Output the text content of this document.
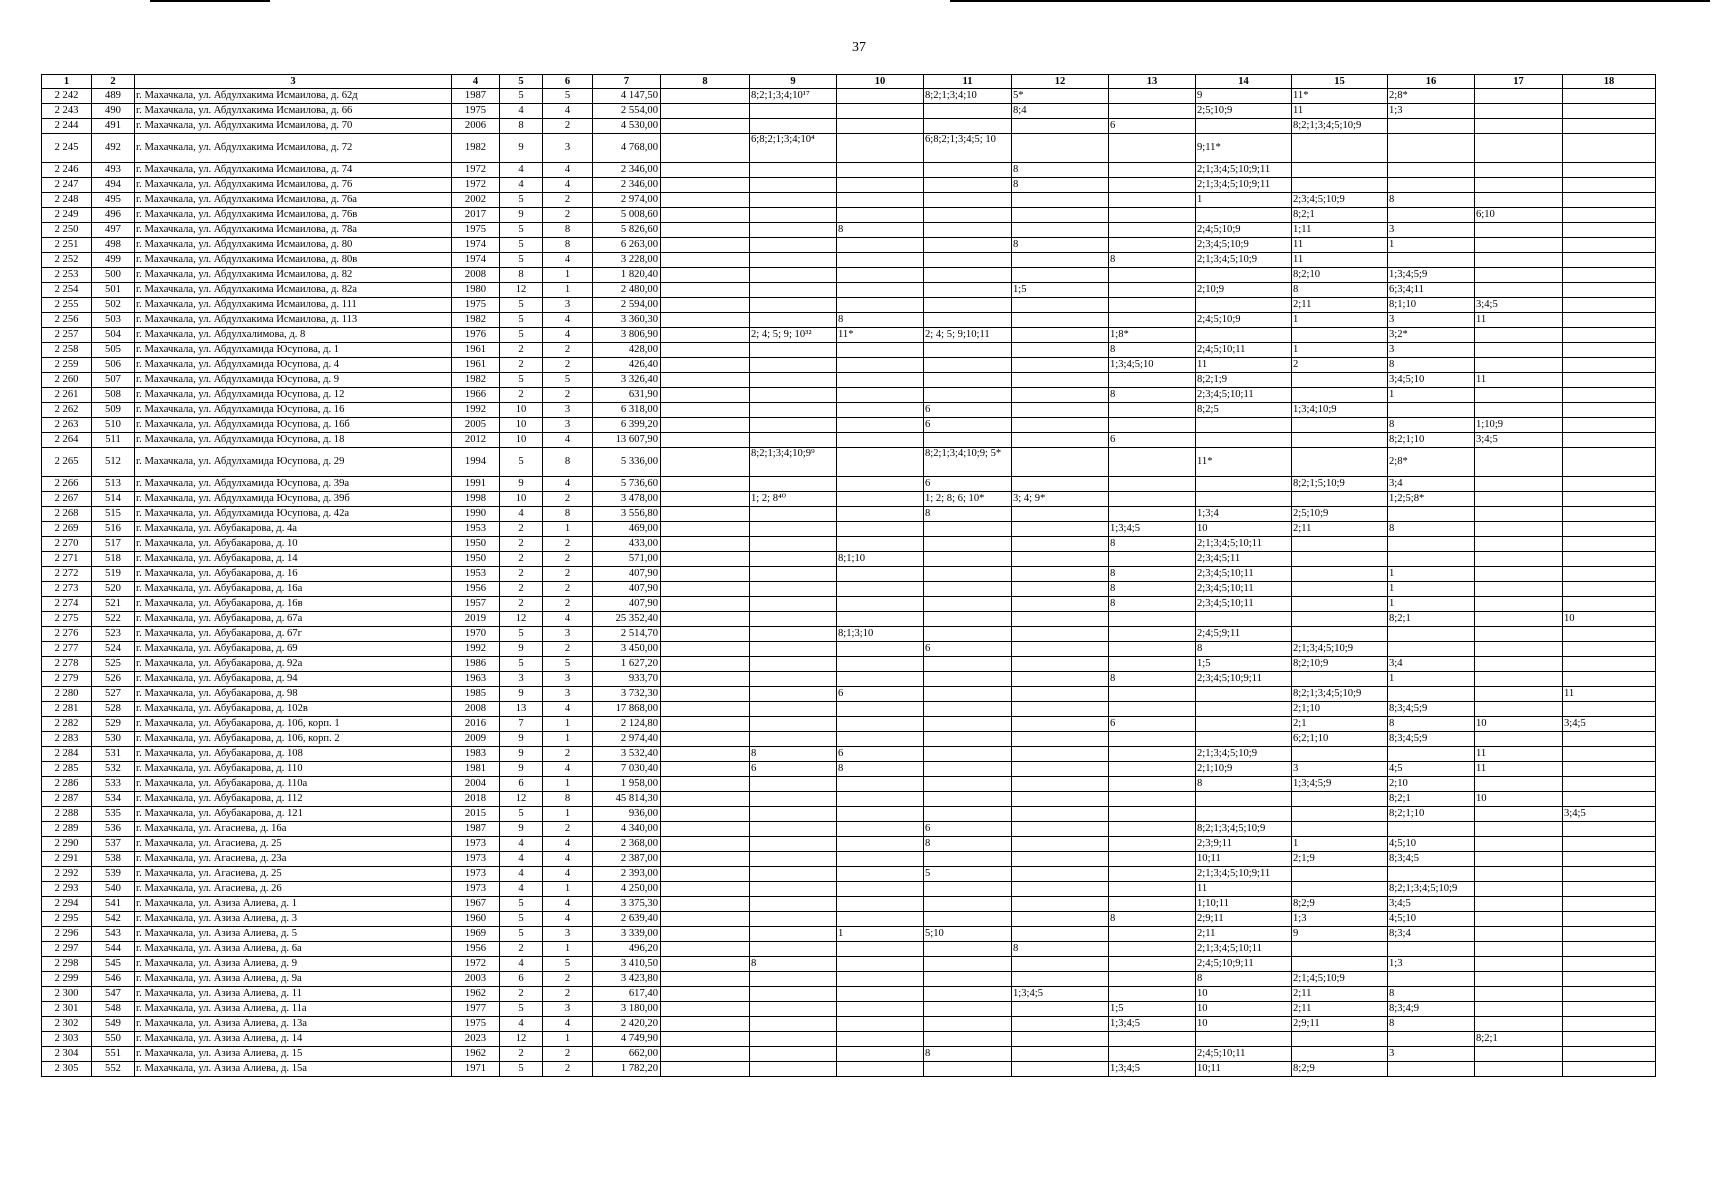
37
1	2	3	4	5	6	7	8	9	10	11	12	13	14	15	16	17	18
2 242	489	г. Махачкала, ул. Абдулхакима Исмаилова, д. 62д	1987	5	5	4 147,50		8;2;1;3;4;10¹⁷		8;2;1;3;4;10	5*		9	11*	2;8*		
2 243	490	г. Махачкала, ул. Абдулхакима Исмаилова, д. 66	1975	4	4	2 554,00					8;4		2;5;10;9	11	1;3		
2 244	491	г. Махачкала, ул. Абдулхакима Исмаилова, д. 70	2006	8	2	4 530,00						6		8;2;1;3;4;5;10;9			
2 245	492	г. Махачкала, ул. Абдулхакима Исмаилова, д. 72	1982	9	3	4 768,00		6;8;2;1;3;4;10⁴		6;8;2;1;3;4;5; 10			9;11*				
2 246	493	г. Махачкала, ул. Абдулхакима Исмаилова, д. 74	1972	4	4	2 346,00					8		2;1;3;4;5;10;9;11				
2 247	494	г. Махачкала, ул. Абдулхакима Исмаилова, д. 76	1972	4	4	2 346,00					8		2;1;3;4;5;10;9;11				
2 248	495	г. Махачкала, ул. Абдулхакима Исмаилова, д. 76а	2002	5	2	2 974,00							1	2;3;4;5;10;9	8		
2 249	496	г. Махачкала, ул. Абдулхакима Исмаилова, д. 76в	2017	9	2	5 008,60								8;2;1		6;10	
2 250	497	г. Махачкала, ул. Абдулхакима Исмаилова, д. 78а	1975	5	8	5 826,60			8				2;4;5;10;9	1;11	3		
2 251	498	г. Махачкала, ул. Абдулхакима Исмаилова, д. 80	1974	5	8	6 263,00					8		2;3;4;5;10;9	11	1		
2 252	499	г. Махачкала, ул. Абдулхакима Исмаилова, д. 80в	1974	5	4	3 228,00						8	2;1;3;4;5;10;9	11			
2 253	500	г. Махачкала, ул. Абдулхакима Исмаилова, д. 82	2008	8	1	1 820,40								8;2;10	1;3;4;5;9		
2 254	501	г. Махачкала, ул. Абдулхакима Исмаилова, д. 82а	1980	12	1	2 480,00					1;5		2;10;9	8	6;3;4;11		
2 255	502	г. Махачкала, ул. Абдулхакима Исмаилова, д. 111	1975	5	3	2 594,00								2;11	8;1;10	3;4;5	
2 256	503	г. Махачкала, ул. Абдулхакима Исмаилова, д. 113	1982	5	4	3 360,30			8				2;4;5;10;9	1	3	11	
2 257	504	г. Махачкала, ул. Абдулхалимова, д. 8	1976	5	4	3 806,90		2; 4; 5; 9; 10³²	11*	2; 4; 5; 9;10;11		1;8*			3;2*		
2 258	505	г. Махачкала, ул. Абдулхамида Юсупова, д. 1	1961	2	2	428,00						8	2;4;5;10;11	1	3		
2 259	506	г. Махачкала, ул. Абдулхамида Юсупова, д. 4	1961	2	2	426,40						1;3;4;5;10	11	2	8		
2 260	507	г. Махачкала, ул. Абдулхамида Юсупова, д. 9	1982	5	5	3 326,40							8;2;1;9		3;4;5;10	11	
2 261	508	г. Махачкала, ул. Абдулхамида Юсупова, д. 12	1966	2	2	631,90						8	2;3;4;5;10;11		1		
2 262	509	г. Махачкала, ул. Абдулхамида Юсупова, д. 16	1992	10	3	6 318,00				6			8;2;5	1;3;4;10;9			
2 263	510	г. Махачкала, ул. Абдулхамида Юсупова, д. 16б	2005	10	3	6 399,20				6					8	1;10;9	
2 264	511	г. Махачкала, ул. Абдулхамида Юсупова, д. 18	2012	10	4	13 607,90						6			8;2;1;10	3;4;5	
2 265	512	г. Махачкала, ул. Абдулхамида Юсупова, д. 29	1994	5	8	5 336,00		8;2;1;3;4;10;9⁹		8;2;1;3;4;10;9; 5*			11*		2;8*		
2 266	513	г. Махачкала, ул. Абдулхамида Юсупова, д. 39а	1991	9	4	5 736,60				6				8;2;1;5;10;9	3;4		
2 267	514	г. Махачкала, ул. Абдулхамида Юсупова, д. 39б	1998	10	2	3 478,00		1; 2; 8⁴⁰		1; 2; 8; 6; 10*	3; 4; 9*				1;2;5;8*		
2 268	515	г. Махачкала, ул. Абдулхамида Юсупова, д. 42а	1990	4	8	3 556,80				8			1;3;4	2;5;10;9			
2 269	516	г. Махачкала, ул. Абубакарова, д. 4а	1953	2	1	469,00						1;3;4;5	10	2;11	8		
2 270	517	г. Махачкала, ул. Абубакарова, д. 10	1950	2	2	433,00						8	2;1;3;4;5;10;11				
2 271	518	г. Махачкала, ул. Абубакарова, д. 14	1950	2	2	571,00			8;1;10				2;3;4;5;11				
2 272	519	г. Махачкала, ул. Абубакарова, д. 16	1953	2	2	407,90						8	2;3;4;5;10;11		1		
2 273	520	г. Махачкала, ул. Абубакарова, д. 16а	1956	2	2	407,90						8	2;3;4;5;10;11		1		
2 274	521	г. Махачкала, ул. Абубакарова, д. 16в	1957	2	2	407,90						8	2;3;4;5;10;11		1		
2 275	522	г. Махачкала, ул. Абубакарова, д. 67а	2019	12	4	25 352,40									8;2;1		10
2 276	523	г. Махачкала, ул. Абубакарова, д. 67г	1970	5	3	2 514,70			8;1;3;10				2;4;5;9;11				
2 277	524	г. Махачкала, ул. Абубакарова, д. 69	1992	9	2	3 450,00				6			8	2;1;3;4;5;10;9			
2 278	525	г. Махачкала, ул. Абубакарова, д. 92а	1986	5	5	1 627,20							1;5	8;2;10;9	3;4		
2 279	526	г. Махачкала, ул. Абубакарова, д. 94	1963	3	3	933,70						8	2;3;4;5;10;9;11		1		
2 280	527	г. Махачкала, ул. Абубакарова, д. 98	1985	9	3	3 732,30			6					8;2;1;3;4;5;10;9			11
2 281	528	г. Махачкала, ул. Абубакарова, д. 102в	2008	13	4	17 868,00								2;1;10	8;3;4;5;9		
2 282	529	г. Махачкала, ул. Абубакарова, д. 106, корп. 1	2016	7	1	2 124,80						6		2;1	8	10	3;4;5
2 283	530	г. Махачкала, ул. Абубакарова, д. 106, корп. 2	2009	9	1	2 974,40								6;2;1;10	8;3;4;5;9		
2 284	531	г. Махачкала, ул. Абубакарова, д. 108	1983	9	2	3 532,40		8	6				2;1;3;4;5;10;9			11	
2 285	532	г. Махачкала, ул. Абубакарова, д. 110	1981	9	4	7 030,40		6	8				2;1;10;9	3	4;5	11	
2 286	533	г. Махачкала, ул. Абубакарова, д. 110а	2004	6	1	1 958,00							8	1;3;4;5;9	2;10		
2 287	534	г. Махачкала, ул. Абубакарова, д. 112	2018	12	8	45 814,30									8;2;1	10	
2 288	535	г. Махачкала, ул. Абубакарова, д. 121	2015	5	1	936,00									8;2;1;10		3;4;5
2 289	536	г. Махачкала, ул. Агасиева, д. 16а	1987	9	2	4 340,00				6			8;2;1;3;4;5;10;9				
2 290	537	г. Махачкала, ул. Агасиева, д. 25	1973	4	4	2 368,00				8			2;3;9;11	1	4;5;10		
2 291	538	г. Махачкала, ул. Агасиева, д. 23а	1973	4	4	2 387,00							10;11	2;1;9	8;3;4;5		
2 292	539	г. Махачкала, ул. Агасиева, д. 25	1973	4	4	2 393,00				5			2;1;3;4;5;10;9;11				
2 293	540	г. Махачкала, ул. Агасиева, д. 26	1973	4	1	4 250,00							11		8;2;1;3;4;5;10;9		
2 294	541	г. Махачкала, ул. Азиза Алиева, д. 1	1967	5	4	3 375,30							1;10;11	8;2;9	3;4;5		
2 295	542	г. Махачкала, ул. Азиза Алиева, д. 3	1960	5	4	2 639,40						8	2;9;11	1;3	4;5;10		
2 296	543	г. Махачкала, ул. Азиза Алиева, д. 5	1969	5	3	3 339,00			1	5;10			2;11	9	8;3;4		
2 297	544	г. Махачкала, ул. Азиза Алиева, д. 6а	1956	2	1	496,20					8		2;1;3;4;5;10;11				
2 298	545	г. Махачкала, ул. Азиза Алиева, д. 9	1972	4	5	3 410,50		8					2;4;5;10;9;11		1;3		
2 299	546	г. Махачкала, ул. Азиза Алиева, д. 9а	2003	6	2	3 423,80							8	2;1;4;5;10;9			
2 300	547	г. Махачкала, ул. Азиза Алиева, д. 11	1962	2	2	617,40					1;3;4;5		10	2;11	8		
2 301	548	г. Махачкала, ул. Азиза Алиева, д. 11а	1977	5	3	3 180,00						1;5	10	2;11	8;3;4;9		
2 302	549	г. Махачкала, ул. Азиза Алиева, д. 13а	1975	4	4	2 420,20						1;3;4;5	10	2;9;11	8		
2 303	550	г. Махачкала, ул. Азиза Алиева, д. 14	2023	12	1	4 749,90										8;2;1	
2 304	551	г. Махачкала, ул. Азиза Алиева, д. 15	1962	2	2	662,00				8			2;4;5;10;11		3		
2 305	552	г. Махачкала, ул. Азиза Алиева, д. 15а	1971	5	2	1 782,20						1;3;4;5	10;11	8;2;9			
